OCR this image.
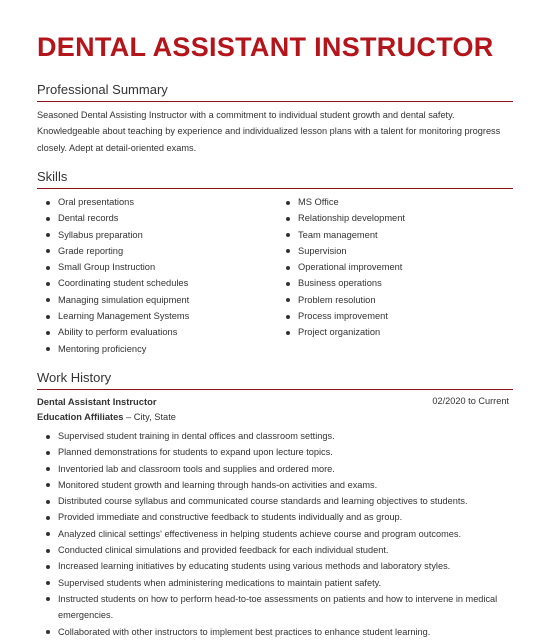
DENTAL ASSISTANT INSTRUCTOR
Professional Summary
Seasoned Dental Assisting Instructor with a commitment to individual student growth and dental safety. Knowledgeable about teaching by experience and individualized lesson plans with a talent for monitoring progress closely. Adept at detail-oriented exams.
Skills
Oral presentations
Dental records
Syllabus preparation
Grade reporting
Small Group Instruction
Coordinating student schedules
Managing simulation equipment
Learning Management Systems
Ability to perform evaluations
Mentoring proficiency
MS Office
Relationship development
Team management
Supervision
Operational improvement
Business operations
Problem resolution
Process improvement
Project organization
Work History
Dental Assistant Instructor	02/2020 to Current
Education Affiliates – City, State
Supervised student training in dental offices and classroom settings.
Planned demonstrations for students to expand upon lecture topics.
Inventoried lab and classroom tools and supplies and ordered more.
Monitored student growth and learning through hands-on activities and exams.
Distributed course syllabus and communicated course standards and learning objectives to students.
Provided immediate and constructive feedback to students individually and as group.
Analyzed clinical settings' effectiveness in helping students achieve course and program outcomes.
Conducted clinical simulations and provided feedback for each individual student.
Increased learning initiatives by educating students using various methods and laboratory styles.
Supervised students when administering medications to maintain patient safety.
Instructed students on how to perform head-to-toe assessments on patients and how to intervene in medical emergencies.
Collaborated with other instructors to implement best practices to enhance student learning.
